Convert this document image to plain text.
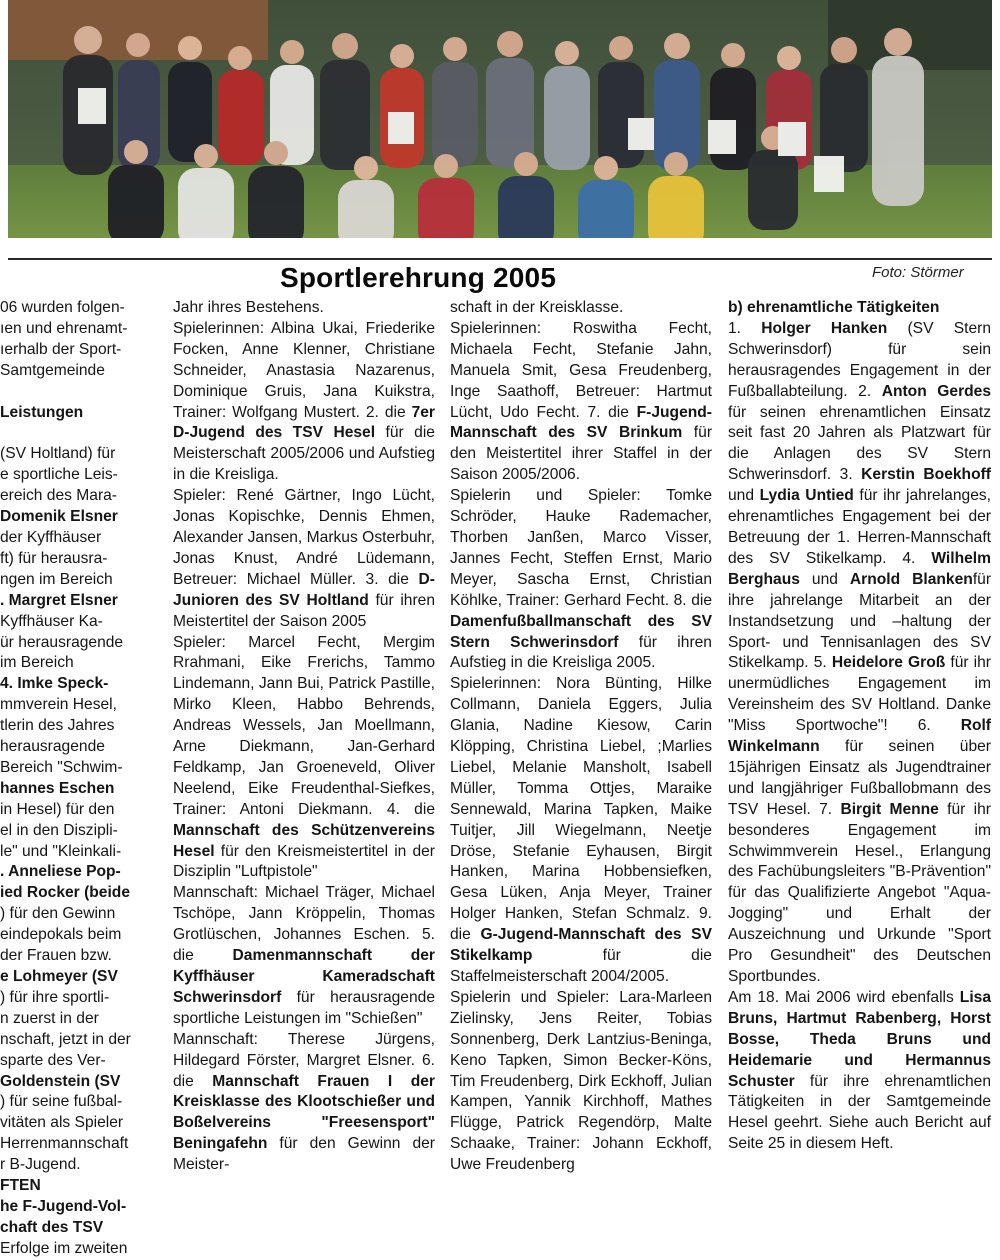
Sportlerehrung 2005	Foto: Störmer
06 wurden folgen-
ıen und ehrenamt-
ıerhalb der Sport-
Samtgemeinde

Leistungen

(SV Holtland) für
e sportliche Leis-
ereich des Mara-
Domenik Elsner
der Kyffhäuser
ft) für herausra-
ngen im Bereich
. Margret Elsner
Kyffhäuser Ka-
ür herausragende
im Bereich
4. Imke Speck-
mmverein Hesel,
tlerin des Jahres
herausragende
Bereich "Schwim-
hannes Eschen
in Hesel) für den
el in den Diszipli-
le" und "Kleinkali-
. Anneliese Pop-
ied Rocker (beide
) für den Gewinn
eindepokals beim
der Frauen bzw.
e Lohmeyer (SV
) für ihre sportli-
n zuerst in der
nschaft, jetzt in der
sparte des Ver-
Goldenstein (SV
) für seine fußbal-
vitäten als Spieler
Herrenmannschaft
r B-Jugend.
FTEN
he F-Jugend-Vol-
chaft des TSV
Erfolge im zweiten

Jahr ihres Bestehens.

Spielerinnen: Albina Ukai, Friederike Focken, Anne Klenner, Christiane Schneider, Anastasia Nazarenus, Dominique Gruis, Jana Kuikstra, Trainer: Wolfgang Mustert. 2. die 7er D-Jugend des TSV Hesel für die Meisterschaft 2005/2006 und Aufstieg in die Kreisliga.

Spieler: René Gärtner, Ingo Lücht, Jonas Kopischke, Dennis Ehmen, Alexander Jansen, Markus Osterbuhr, Jonas Knust, André Lüdemann, Betreuer: Michael Müller. 3. die D-Junioren des SV Holtland für ihren Meistertitel der Saison 2005

Spieler: Marcel Fecht, Mergim Rrahmani, Eike Frerichs, Tammo Lindemann, Jann Bui, Patrick Pastille, Mirko Kleen, Habbo Behrends, Andreas Wessels, Jan Moellmann, Arne Diekmann, Jan-Gerhard Feldkamp, Jan Groeneveld, Oliver Neelend, Eike Freudenthal-Siefkes, Trainer: Antoni Diekmann. 4. die Mannschaft des Schützenvereins Hesel für den Kreismeistertitel in der Disziplin "Luftpistole"

Mannschaft: Michael Träger, Michael Tschöpe, Jann Kröppelin, Thomas Grotlüschen, Johannes Eschen. 5. die Damenmannschaft der Kyffhäuser Kameradschaft Schwerinsdorf für herausragende sportliche Leistungen im "Schießen"

Mannschaft: Therese Jürgens, Hildegard Förster, Margret Elsner. 6. die Mannschaft Frauen I der Kreisklasse des Klootschießer und Boßelvereins "Freesensport" Beningafehn für den Gewinn der Meister-

schaft in der Kreisklasse.

Spielerinnen: Roswitha Fecht, Michaela Fecht, Stefanie Jahn, Manuela Smit, Gesa Freudenberg, Inge Saathoff, Betreuer: Hartmut Lücht, Udo Fecht. 7. die F-Jugend-Mannschaft des SV Brinkum für den Meistertitel ihrer Staffel in der Saison 2005/2006.

Spielerin und Spieler: Tomke Schröder, Hauke Rademacher, Thorben Janßen, Marco Visser, Jannes Fecht, Steffen Ernst, Mario Meyer, Sascha Ernst, Christian Köhlke, Trainer: Gerhard Fecht. 8. die Damenfußballmanschaft des SV Stern Schwerinsdorf für ihren Aufstieg in die Kreisliga 2005.

Spielerinnen: Nora Bünting, Hilke Collmann, Daniela Eggers, Julia Glania, Nadine Kiesow, Carin Klöpping, Christina Liebel, ;Marlies Liebel, Melanie Mansholt, Isabell Müller, Tomma Ottjes, Maraike Sennewald, Marina Tapken, Maike Tuitjer, Jill Wiegelmann, Neetje Dröse, Stefanie Eyhausen, Birgit Hanken, Marina Hobbensiefken, Gesa Lüken, Anja Meyer, Trainer Holger Hanken, Stefan Schmalz. 9. die G-Jugend-Mannschaft des SV Stikelkamp für die Staffelmeisterschaft 2004/2005.

Spielerin und Spieler: Lara-Marleen Zielinsky, Jens Reiter, Tobias Sonnenberg, Derk Lantzius-Beninga, Keno Tapken, Simon Becker-Köns, Tim Freudenberg, Dirk Eckhoff, Julian Kampen, Yannik Kirchhoff, Mathes Flügge, Patrick Regendörp, Malte Schaake, Trainer: Johann Eckhoff, Uwe Freudenberg

b) ehrenamtliche Tätigkeiten

1. Holger Hanken (SV Stern Schwerinsdorf) für sein herausragendes Engagement in der Fußballabteilung. 2. Anton Gerdes für seinen ehrenamtlichen Einsatz seit fast 20 Jahren als Platzwart für die Anlagen des SV Stern Schwerinsdorf. 3. Kerstin Boekhoff und Lydia Untied für ihr jahrelanges, ehrenamtliches Engagement bei der Betreuung der 1. Herren-Mannschaft des SV Stikelkamp. 4. Wilhelm Berghaus und Arnold Blankenfür ihre jahrelange Mitarbeit an der Instandsetzung und –haltung der Sport- und Tennisanlagen des SV Stikelkamp. 5. Heidelore Groß für ihr unermüdliches Engagement im Vereinsheim des SV Holtland. Danke "Miss Sportwoche"! 6. Rolf Winkelmann für seinen über 15jährigen Einsatz als Jugendtrainer und langjähriger Fußballobmann des TSV Hesel. 7. Birgit Menne für ihr besonderes Engagement im Schwimmverein Hesel., Erlangung des Fachübungsleiters "B-Prävention" für das Qualifizierte Angebot "Aqua-Jogging" und Erhalt der Auszeichnung und Urkunde "Sport Pro Gesundheit" des Deutschen Sportbundes.

Am 18. Mai 2006 wird ebenfalls Lisa Bruns, Hartmut Rabenberg, Horst Bosse, Theda Bruns und Heidemarie und Hermannus Schuster für ihre ehrenamtlichen Tätigkeiten in der Samtgemeinde Hesel geehrt. Siehe auch Bericht auf Seite 25 in diesem Heft.
